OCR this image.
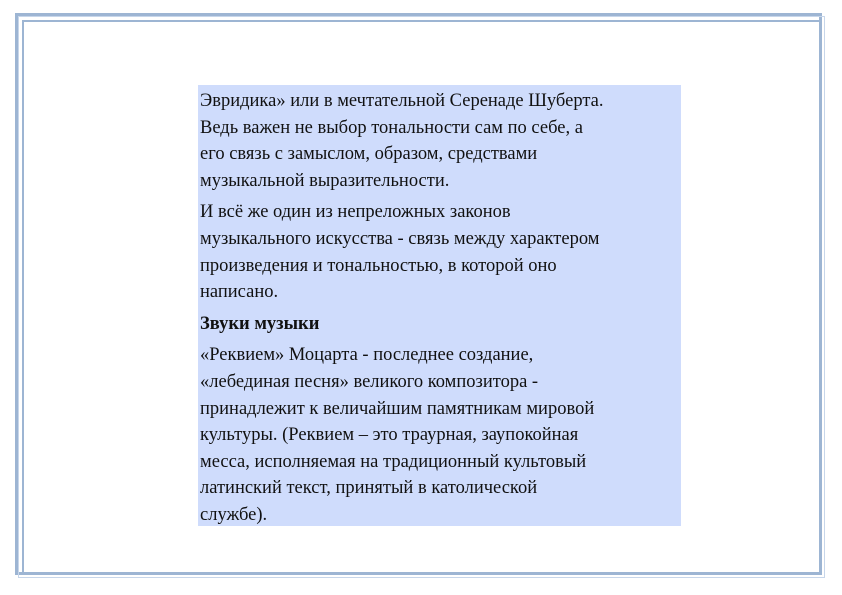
Эвридика» или в мечтательной Серенаде Шуберта.
Ведь важен не выбор тональности сам по себе, а
его связь с замыслом, образом, средствами
музыкальной выразительности.

И всё же один из непреложных законов
музыкального искусства - связь между характером
произведения и тональностью, в которой оно
написано.

Звуки музыки

«Реквием» Моцарта - последнее создание,
«лебединая песня» великого композитора -
принадлежит к величайшим памятникам мировой
культуры. (Реквием – это траурная, заупокойная
месса, исполняемая на традиционный культовый
латинский текст, принятый в католической
службе).
